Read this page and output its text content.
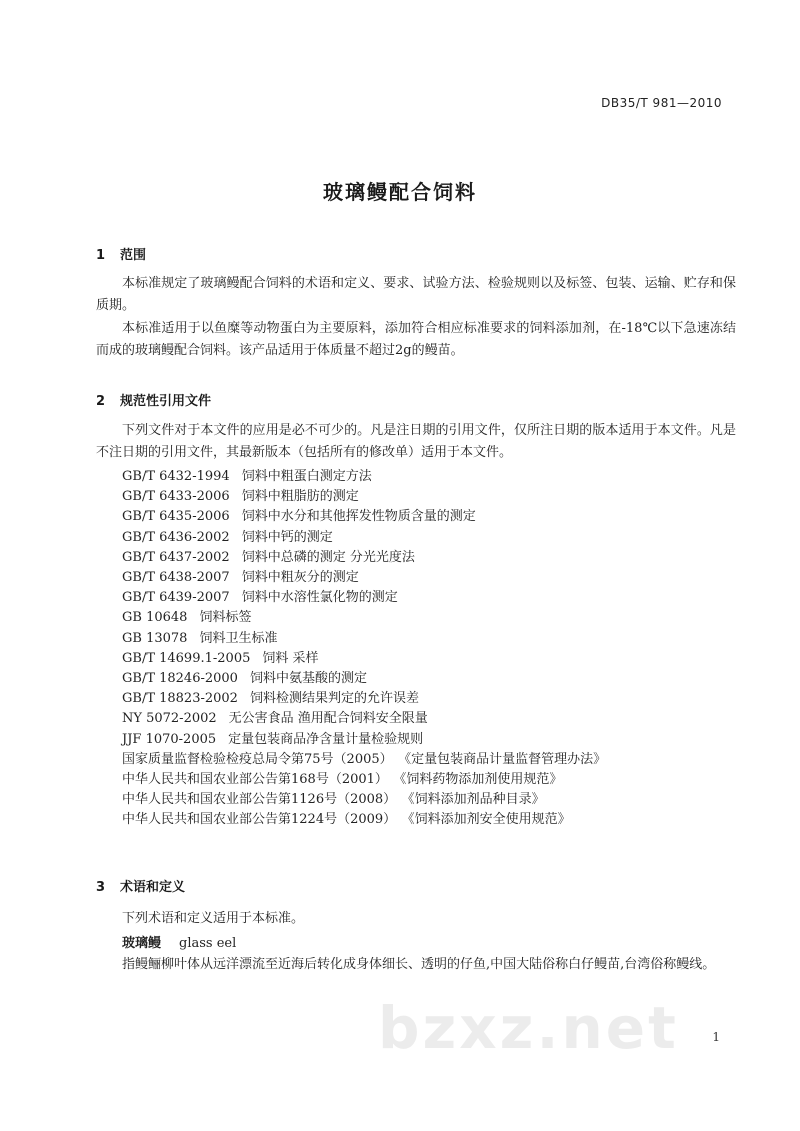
DB35/T 981—2010
玻璃鳗配合饲料
1 范围

本标准规定了玻璃鳗配合饲料的术语和定义、要求、试验方法、检验规则以及标签、包装、运输、贮存和保质期。

本标准适用于以鱼糜等动物蛋白为主要原料，添加符合相应标准要求的饲料添加剂，在-18℃以下急速冻结而成的玻璃鳗配合饲料。该产品适用于体质量不超过2g的鳗苗。

2 规范性引用文件

下列文件对于本文件的应用是必不可少的。凡是注日期的引用文件，仅所注日期的版本适用于本文件。凡是不注日期的引用文件，其最新版本（包括所有的修改单）适用于本文件。

GB/T 6432-1994 饲料中粗蛋白测定方法
GB/T 6433-2006 饲料中粗脂肪的测定
GB/T 6435-2006 饲料中水分和其他挥发性物质含量的测定
GB/T 6436-2002 饲料中钙的测定
GB/T 6437-2002 饲料中总磷的测定 分光光度法
GB/T 6438-2007 饲料中粗灰分的测定
GB/T 6439-2007 饲料中水溶性氯化物的测定
GB 10648 饲料标签
GB 13078 饲料卫生标准
GB/T 14699.1-2005 饲料 采样
GB/T 18246-2000 饲料中氨基酸的测定
GB/T 18823-2002 饲料检测结果判定的允许误差
NY 5072-2002 无公害食品 渔用配合饲料安全限量
JJF 1070-2005 定量包装商品净含量计量检验规则
国家质量监督检验检疫总局令第75号（2005） 《定量包装商品计量监督管理办法》
中华人民共和国农业部公告第168号（2001） 《饲料药物添加剂使用规范》
中华人民共和国农业部公告第1126号（2008） 《饲料添加剂品种目录》
中华人民共和国农业部公告第1224号（2009） 《饲料添加剂安全使用规范》
3 术语和定义

下列术语和定义适用于本标准。

玻璃鳗 glass eel

指鳗鲡柳叶体从远洋漂流至近海后转化成身体细长、透明的仔鱼,中国大陆俗称白仔鳗苗,台湾俗称鳗线。

bzxz.net	1
